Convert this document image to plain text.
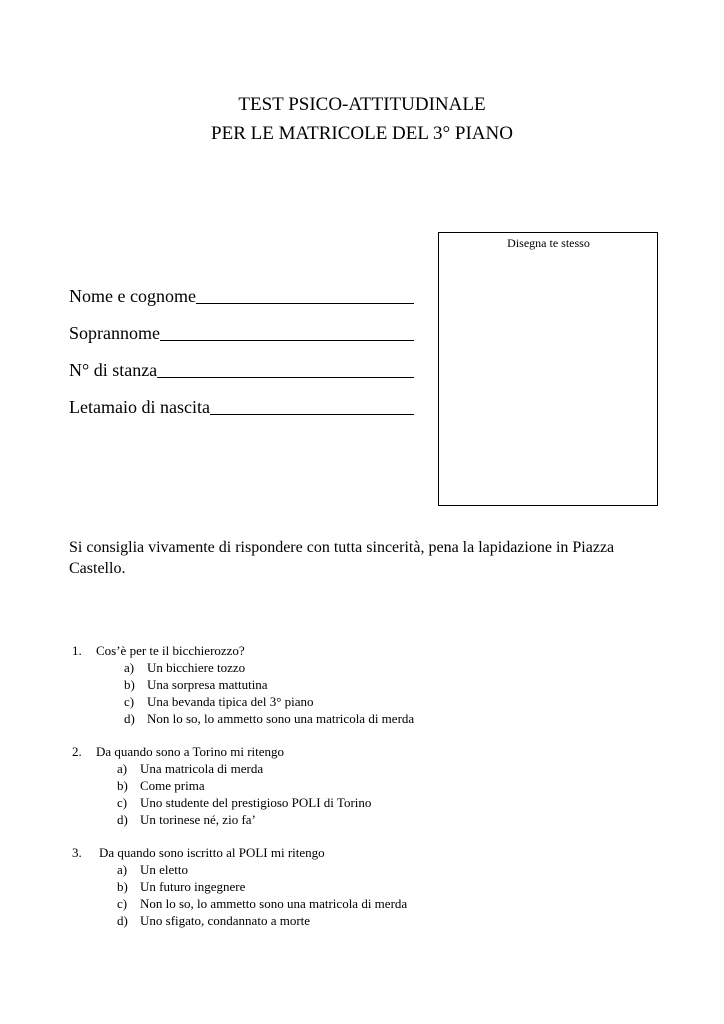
TEST PSICO-ATTITUDINALE
PER LE MATRICOLE DEL 3° PIANO
Disegna te stesso
Nome e cognome
Soprannome
N° di stanza
Letamaio di nascita
Si consiglia vivamente di rispondere con tutta sincerità, pena la lapidazione in Piazza Castello.
1.	Cos’è per te il bicchierozzo?
a) Un bicchiere tozzo
b) Una sorpresa mattutina
c) Una bevanda tipica del 3° piano
d) Non lo so, lo ammetto sono una matricola di merda
2.	Da quando sono a Torino mi ritengo
a) Una matricola di merda
b) Come prima
c) Uno studente del prestigioso POLI di Torino
d) Un torinese né, zio fa’
3.	Da quando sono iscritto al POLI mi ritengo
a) Un eletto
b) Un futuro ingegnere
c) Non lo so, lo ammetto sono una matricola di merda
d) Uno sfigato, condannato a morte
